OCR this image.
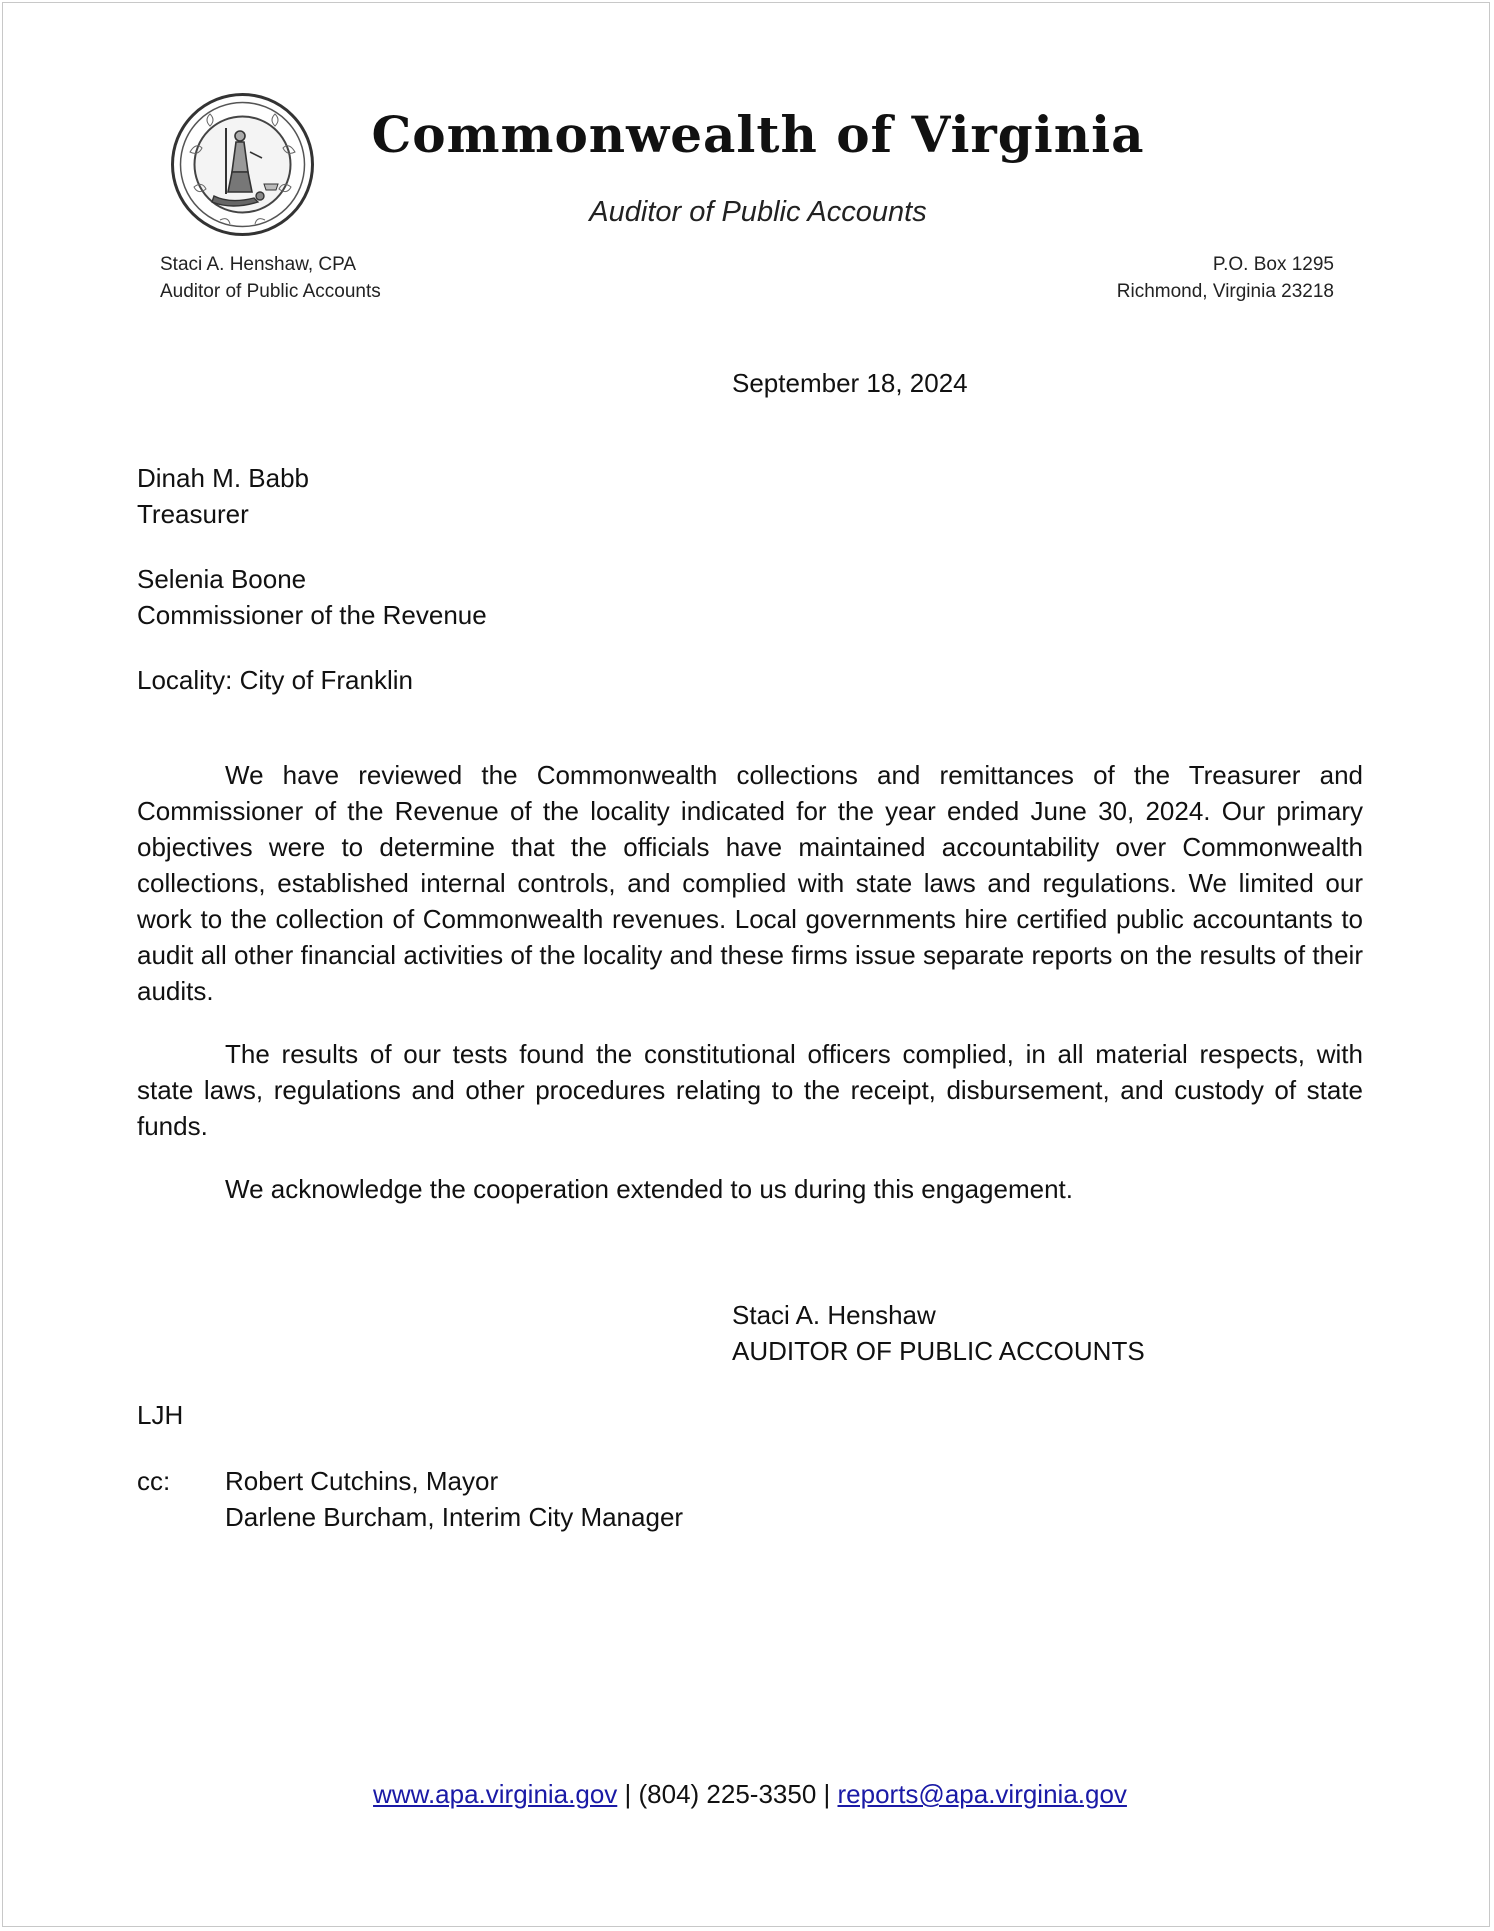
Commonwealth of Virginia
Auditor of Public Accounts
Staci A. Henshaw, CPA
Auditor of Public Accounts
P.O. Box 1295
Richmond, Virginia 23218
September 18, 2024
Dinah M. Babb
Treasurer
Selenia Boone
Commissioner of the Revenue
Locality: City of Franklin
We have reviewed the Commonwealth collections and remittances of the Treasurer and Commissioner of the Revenue of the locality indicated for the year ended June 30, 2024. Our primary objectives were to determine that the officials have maintained accountability over Commonwealth collections, established internal controls, and complied with state laws and regulations. We limited our work to the collection of Commonwealth revenues. Local governments hire certified public accountants to audit all other financial activities of the locality and these firms issue separate reports on the results of their audits.
The results of our tests found the constitutional officers complied, in all material respects, with state laws, regulations and other procedures relating to the receipt, disbursement, and custody of state funds.
We acknowledge the cooperation extended to us during this engagement.
Staci A. Henshaw
AUDITOR OF PUBLIC ACCOUNTS
LJH
cc: Robert Cutchins, Mayor
Darlene Burcham, Interim City Manager
www.apa.virginia.gov | (804) 225-3350 | reports@apa.virginia.gov
